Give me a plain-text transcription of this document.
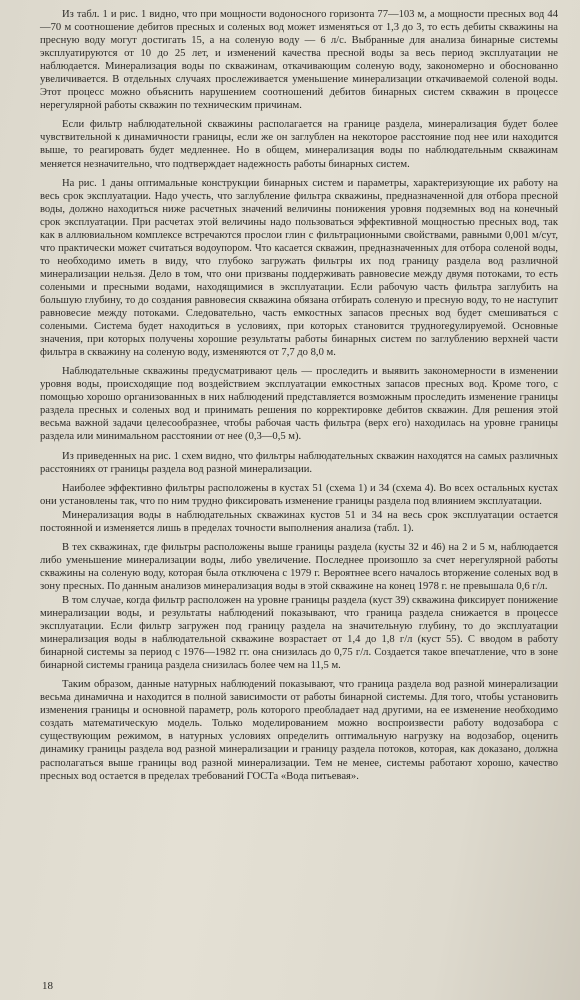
Из табл. 1 и рис. 1 видно, что при мощности водоносного горизонта 77—103 м, а мощности пресных вод 44—70 м соотношение дебитов пресных и соленых вод может изменяться от 1,3 до 3, то есть дебиты скважины на пресную воду могут достигать 15, а на соленую воду — 6 л/с. Выбранные для анализа бинарные системы эксплуатируются от 10 до 25 лет, и изменений качества пресной воды за весь период эксплуатации не наблюдается. Минерализация воды по скважинам, откачивающим соленую воду, закономерно и обоснованно увеличивается. В отдельных случаях прослеживается уменьшение минерализации откачиваемой соленой воды. Этот процесс можно объяснить нарушением соотношений дебитов бинарных систем скважин в процессе нерегулярной работы скважин по техническим причинам.

Если фильтр наблюдательной скважины располагается на границе раздела, минерализация будет более чувствительной к динамичности границы, если же он заглублен на некоторое расстояние под нее или находится выше, то реагировать будет медленнее. Но в общем, минерализация воды по наблюдательным скважинам меняется незначительно, что подтверждает надежность работы бинарных систем.

На рис. 1 даны оптимальные конструкции бинарных систем и параметры, характеризующие их работу на весь срок эксплуатации. Надо учесть, что заглубление фильтра скважины, предназначенной для отбора пресной воды, должно находиться ниже расчетных значений величины понижения уровня подземных вод на конечный срок эксплуатации. При расчетах этой величины надо пользоваться эффективной мощностью пресных вод, так как в аллювиальном комплексе встречаются прослои глин с фильтрационными свойствами, равными 0,001 м/сут, что практически может считаться водоупором. Что касается скважин, предназначенных для отбора соленой воды, то необходимо иметь в виду, что глубоко загружать фильтры их под границу раздела вод различной минерализации нельзя. Дело в том, что они призваны поддерживать равновесие между двумя потоками, то есть солеными и пресными водами, находящимися в эксплуатации. Если рабочую часть фильтра заглубить на большую глубину, то до создания равновесия скважина обязана отбирать соленую и пресную воду, то не наступит равновесие между потоками. Следовательно, часть емкостных запасов пресных вод будет смешиваться с солеными. Система будет находиться в условиях, при которых становится трудноregулируемой. Основные значения, при которых получены хорошие результаты работы бинарных систем по заглублению верхней части фильтра в скважину на соленую воду, изменяются от 7,7 до 8,0 м.

Наблюдательные скважины предусматривают цель — проследить и выявить закономерности в изменении уровня воды, происходящие под воздействием эксплуатации емкостных запасов пресных вод. Кроме того, с помощью хорошо организованных в них наблюдений представляется возможным проследить изменение границы раздела пресных и соленых вод и принимать решения по корректировке дебитов скважин. Для решения этой весьма важной задачи целесообразнее, чтобы рабочая часть фильтра (верх его) находилась на уровне границы раздела или минимальном расстоянии от нее (0,3—0,5 м).

Из приведенных на рис. 1 схем видно, что фильтры наблюдательных скважин находятся на самых различных расстояниях от границы раздела вод разной минерализации.

Наиболее эффективно фильтры расположены в кустах 51 (схема 1) и 34 (схема 4). Во всех остальных кустах они установлены так, что по ним трудно фиксировать изменение границы раздела под влиянием эксплуатации.

Минерализация воды в наблюдательных скважинах кустов 51 и 34 на весь срок эксплуатации остается постоянной и изменяется лишь в пределах точности выполнения анализа (табл. 1).

В тех скважинах, где фильтры расположены выше границы раздела (кусты 32 и 46) на 2 и 5 м, наблюдается либо уменьшение минерализации воды, либо увеличение. Последнее произошло за счет нерегулярной работы скважины на соленую воду, которая была отключена с 1979 г. Вероятнее всего началось вторжение соленых вод в зону пресных. По данным анализов минерализация воды в этой скважине на конец 1978 г. не превышала 0,6 г/л.

В том случае, когда фильтр расположен на уровне границы раздела (куст 39) скважина фиксирует понижение минерализации воды, и результаты наблюдений показывают, что граница раздела снижается в процессе эксплуатации. Если фильтр загружен под границу раздела на значительную глубину, то до эксплуатации минерализация воды в наблюдательной скважине возрастает от 1,4 до 1,8 г/л (куст 55). С вводом в работу бинарной системы за период с 1976—1982 гг. она снизилась до 0,75 г/л. Создается такое впечатление, что в зоне бинарной системы граница раздела снизилась более чем на 11,5 м.

Таким образом, данные натурных наблюдений показывают, что граница раздела вод разной минерализации весьма динамична и находится в полной зависимости от работы бинарной системы. Для того, чтобы установить изменения границы и основной параметр, роль которого преобладает над другими, на ее изменение необходимо создать математическую модель. Только моделированием можно воспроизвести работу водозабора с существующим режимом, в натурных условиях определить оптимальную нагрузку на водозабор, оценить динамику границы раздела вод разной минерализации и границу раздела потоков, которая, как доказано, должна располагаться выше границы вод разной минерализации. Тем не менее, системы работают хорошо, качество пресных вод остается в пределах требований ГОСТа «Вода питьевая».

18
